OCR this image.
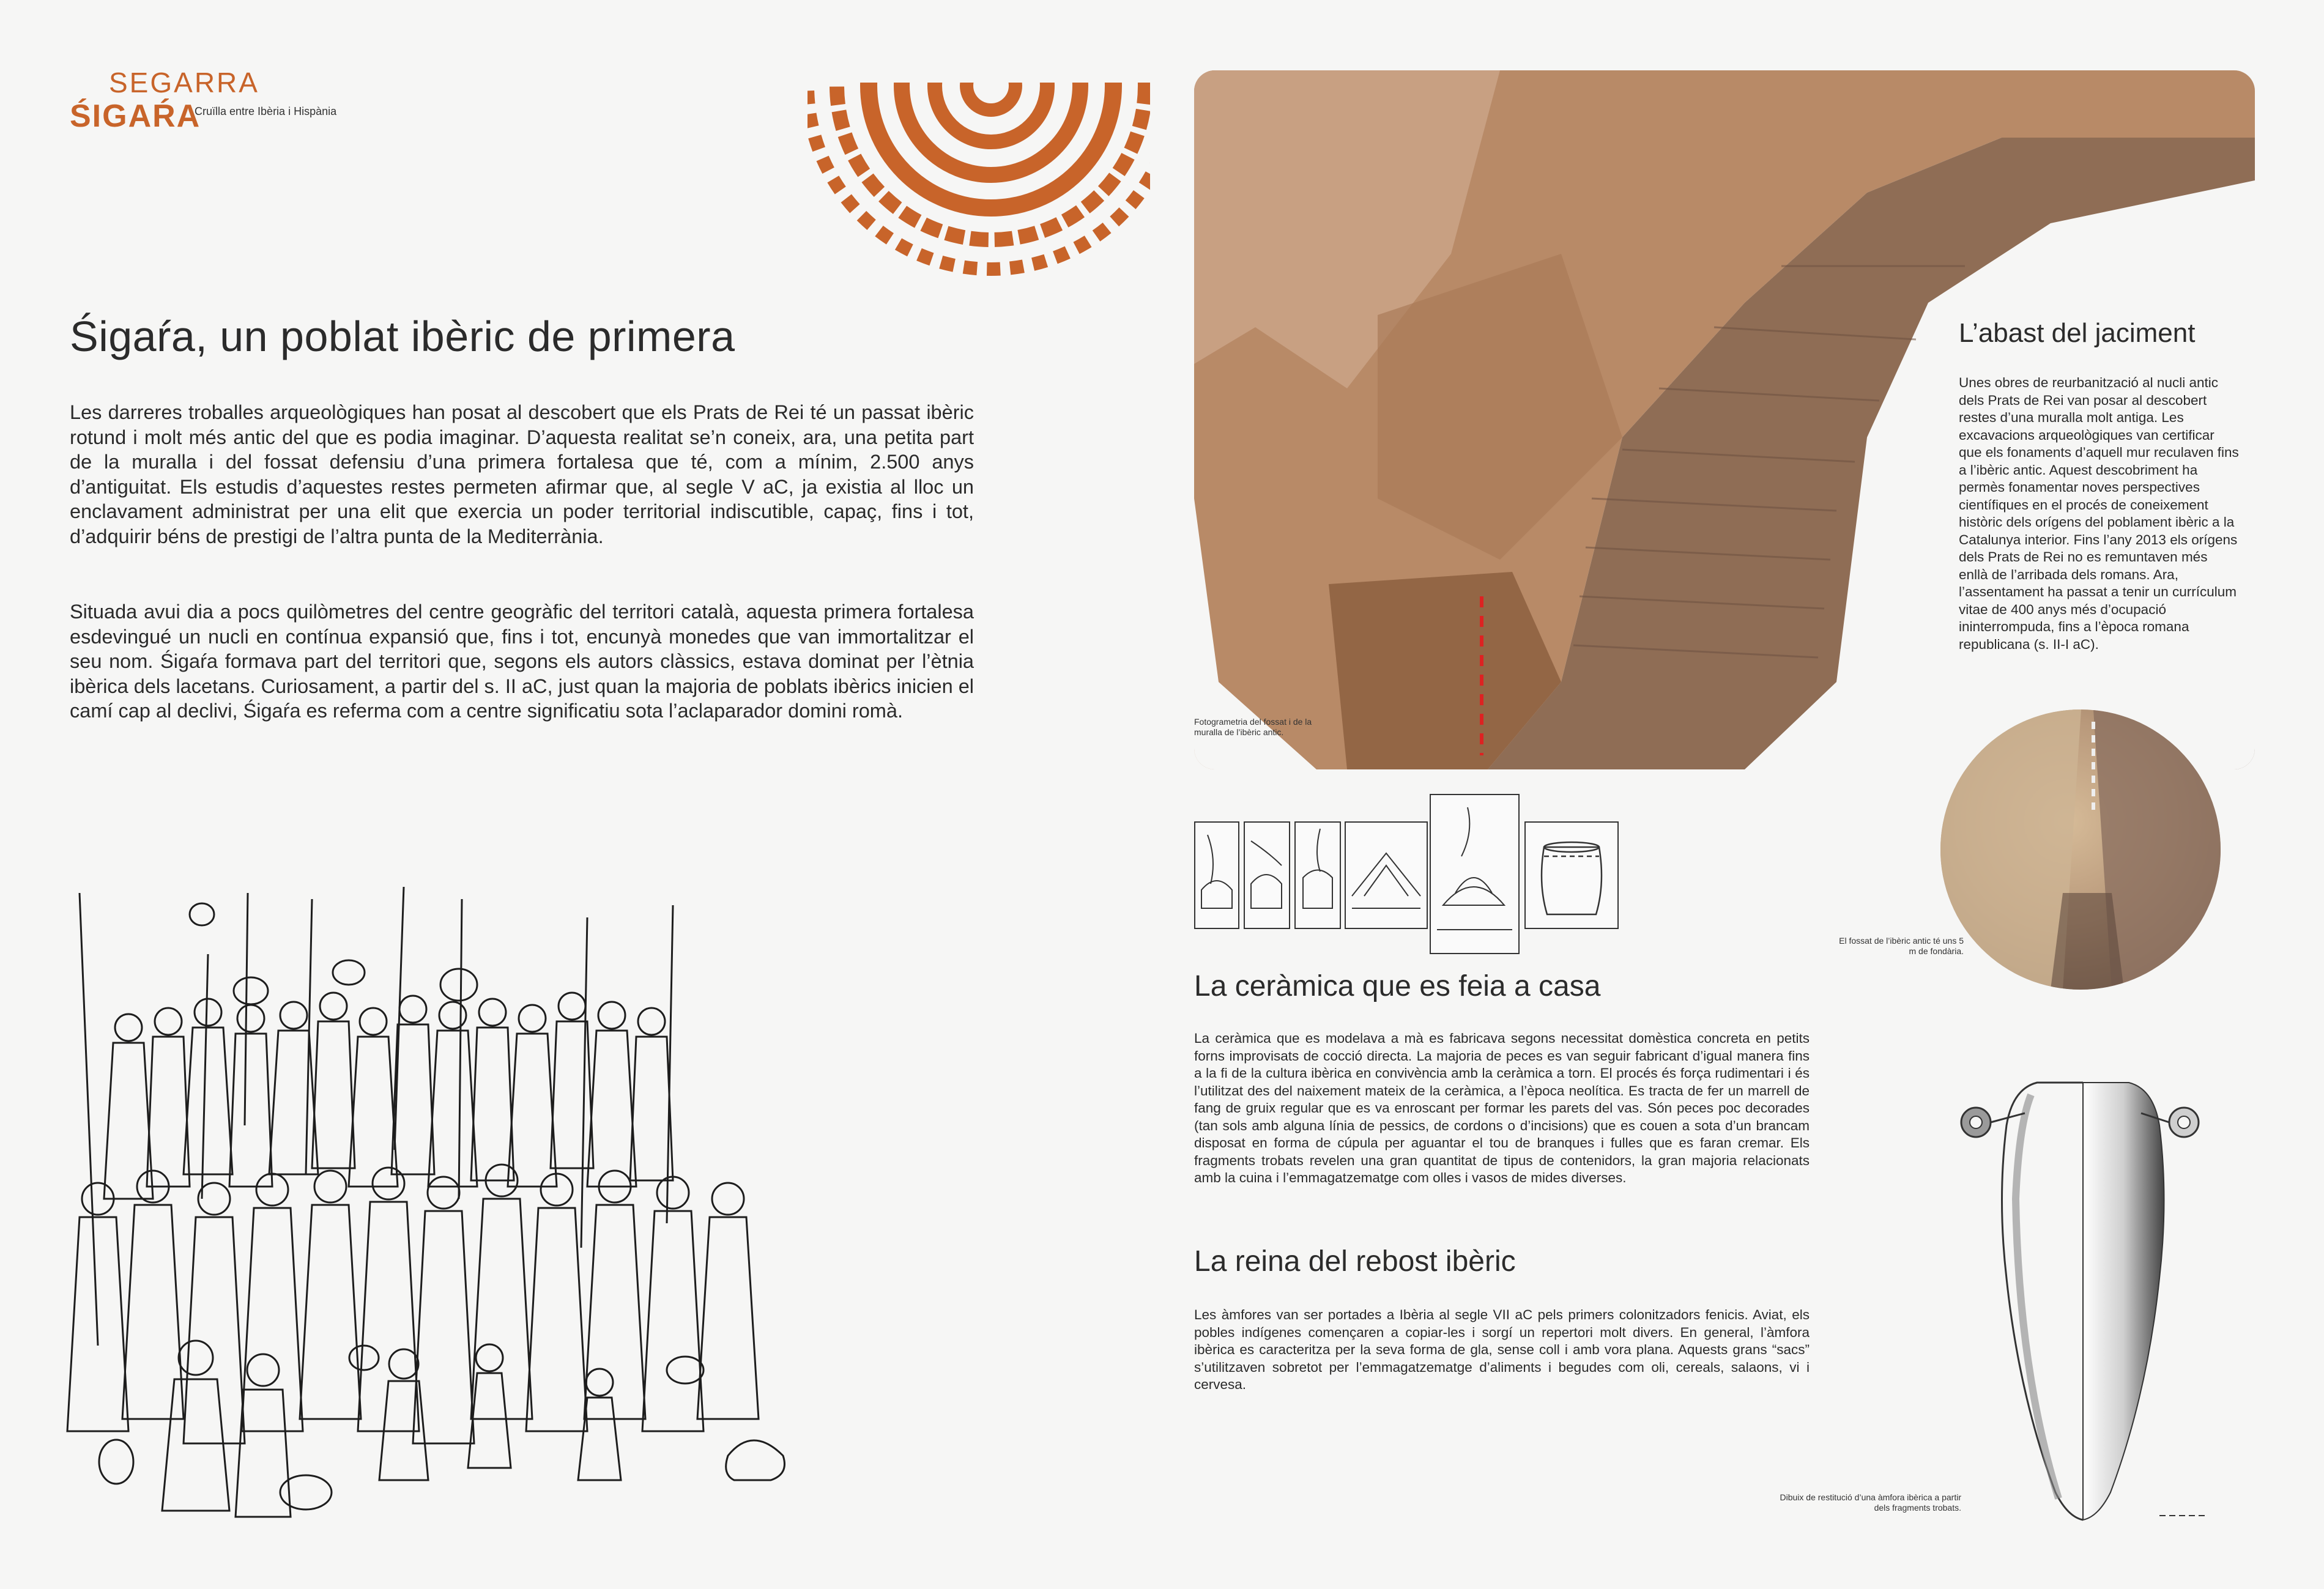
SEGARRA
ŚIGAŔA
Cruïlla entre Ibèria i Hispània
Śigaŕa, un poblat ibèric de primera

Les darreres troballes arqueològiques han posat al descobert que els Prats de Rei té un passat ibèric rotund i molt més antic del que es podia imaginar. D’aquesta realitat se’n coneix, ara, una petita part de la muralla i del fossat defensiu d’una primera fortalesa que té, com a mínim, 2.500 anys d’antiguitat. Els estudis d’aquestes restes permeten afirmar que, al segle V aC, ja existia al lloc un enclavament administrat per una elit que exercia un poder territorial indiscutible, capaç, fins i tot, d’adquirir béns de prestigi de l’altra punta de la Mediterrània.

Situada avui dia a pocs quilòmetres del centre geogràfic del territori català, aquesta primera fortalesa esdevingué un nucli en contínua expansió que, fins i tot, encunyà monedes que van immortalitzar el seu nom. Śigaŕa formava part del territori que, segons els autors clàssics, estava dominat per l’ètnia ibèrica dels lacetans. Curiosament, a partir del s. II aC, just quan la majoria de poblats ibèrics inicien el camí cap al declivi, Śigaŕa es referma com a centre significatiu sota l’aclaparador domini romà.	Fotogrametria del fossat i de la muralla de l’ibèric antic.
L’abast del jaciment

Unes obres de reurbanització al nucli antic dels Prats de Rei van posar al descobert restes d’una muralla molt antiga. Les excavacions arqueològiques van certificar que els fonaments d’aquell mur reculaven fins a l’ibèric antic. Aquest descobriment ha permès fonamentar noves perspectives científiques en el procés de coneixement històric dels orígens del poblament ibèric a la Catalunya interior. Fins l’any 2013 els orígens dels Prats de Rei no es remuntaven més enllà de l’arribada dels romans. Ara, l’assentament ha passat a tenir un currículum vitae de 400 anys més d’ocupació ininterrompuda, fins a l’època romana republicana (s. II-I aC).

El fossat de l’ibèric antic té uns 5 m de fondària.
La ceràmica que es feia a casa

La ceràmica que es modelava a mà es fabricava segons necessitat domèstica concreta en petits forns improvisats de cocció directa. La majoria de peces es van seguir fabricant d’igual manera fins a la fi de la cultura ibèrica en convivència amb la ceràmica a torn. El procés és força rudimentari i és l’utilitzat des del naixement mateix de la ceràmica, a l’època neolítica. Es tracta de fer un marrell de fang de gruix regular que es va enroscant per formar les parets del vas. Són peces poc decorades (tan sols amb alguna línia de pessics, de cordons o d’incisions) que es couen a sota d’un brancam disposat en forma de cúpula per aguantar el tou de branques i fulles que es faran cremar. Els fragments trobats revelen una gran quantitat de tipus de contenidors, la gran majoria relacionats amb la cuina i l’emmagatzematge com olles i vasos de mides diverses.

La reina del rebost ibèric

Les àmfores van ser portades a Ibèria al segle VII aC pels primers colonitzadors fenicis. Aviat, els pobles indígenes començaren a copiar-les i sorgí un repertori molt divers. En general, l’àmfora ibèrica es caracteritza per la seva forma de gla, sense coll i amb vora plana. Aquests grans “sacs” s’utilitzaven sobretot per l’emmagatzematge d’aliments i begudes com oli, cereals, salaons, vi i cervesa.

Dibuix de restitució d’una àmfora ibèrica a partir dels fragments trobats.
